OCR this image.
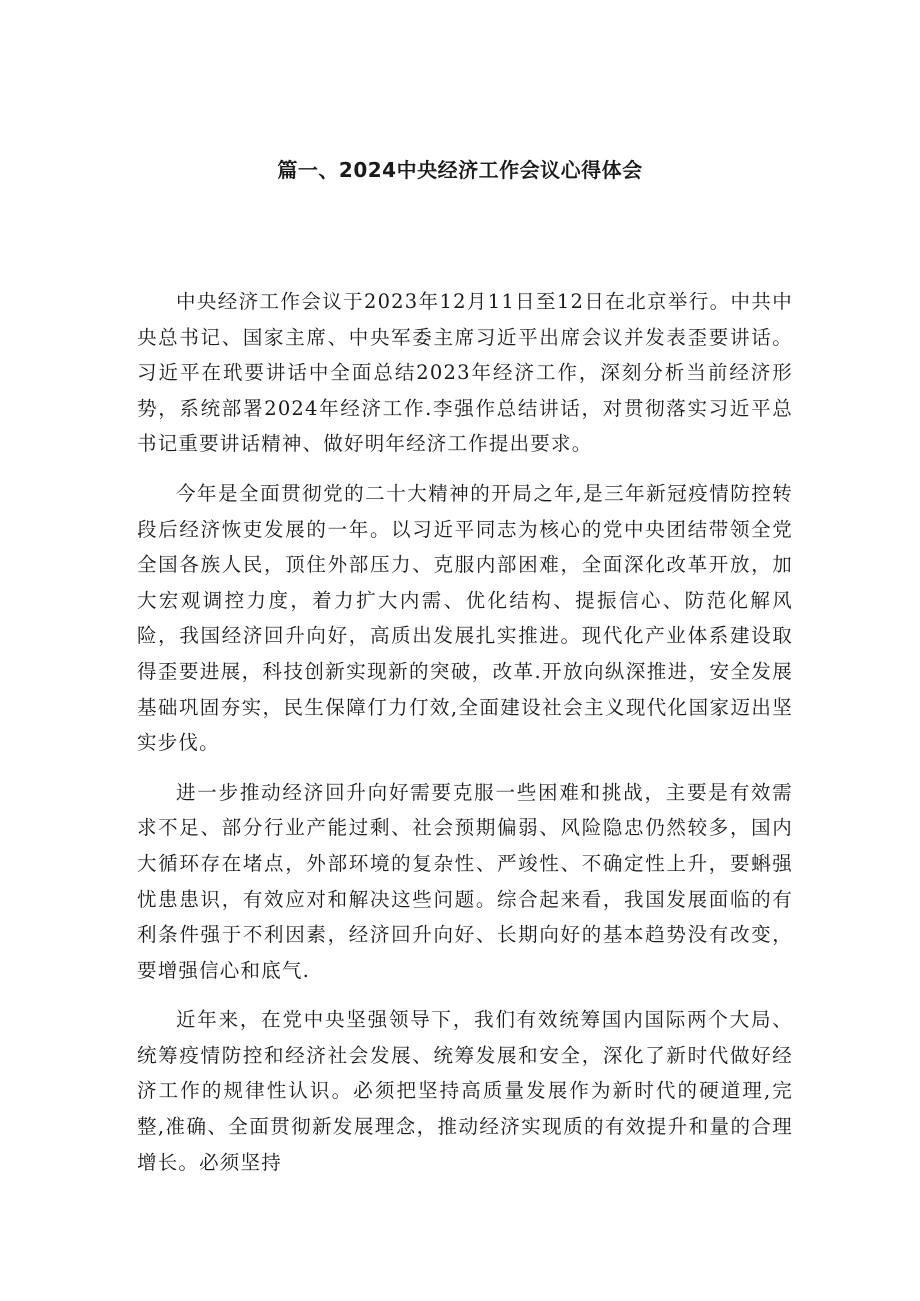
篇一、2024中央经济工作会议心得体会

中央经济工作会议于2023年12月11日至12日在北京举行。中共中央总书记、国家主席、中央军委主席习近平出席会议并发表歪要讲话。习近平在玳要讲话中全面总结2023年经济工作，深刻分析当前经济形势，系统部署2024年经济工作.李强作总结讲话，对贯彻落实习近平总书记重要讲话精神、做好明年经济工作提出要求。

今年是全面贯彻党的二十大精神的开局之年,是三年新冠疫情防控转段后经济恢吏发展的一年。以习近平同志为核心的党中央团结带领全党全国各族人民，顶住外部压力、克服内部困难，全面深化改革开放，加大宏观调控力度，着力扩大内需、优化结构、提振信心、防范化解风险，我国经济回升向好，高质出发展扎实推进。现代化产业体系建设取得歪要进展，科技创新实现新的突破，改革.开放向纵深推进，安全发展基础巩固夯实，民生保障仃力仃效,全面建设社会主义现代化国家迈出坚实步伐。

进一步推动经济回升向好需要克服一些困难和挑战，主要是有效需求不足、部分行业产能过剩、社会预期偏弱、风险隐忠仍然较多，国内大循环存在堵点，外部环境的复杂性、严竣性、不确定性上升，要蝌强忧患患识，有效应对和解决这些问题。综合起来看，我国发展面临的有利条件强于不利因素，经济回升向好、长期向好的基本趋势没有改变，要增强信心和底气.

近年来，在党中央坚强领导下，我们有效统筹国内国际两个大局、统筹疫情防控和经济社会发展、统筹发展和安全，深化了新时代做好经济工作的规律性认识。必须把坚持高质量发展作为新时代的硬道理,完整,准确、全面贯彻新发展理念，推动经济实现质的有效提升和量的合理增长。必须坚持
